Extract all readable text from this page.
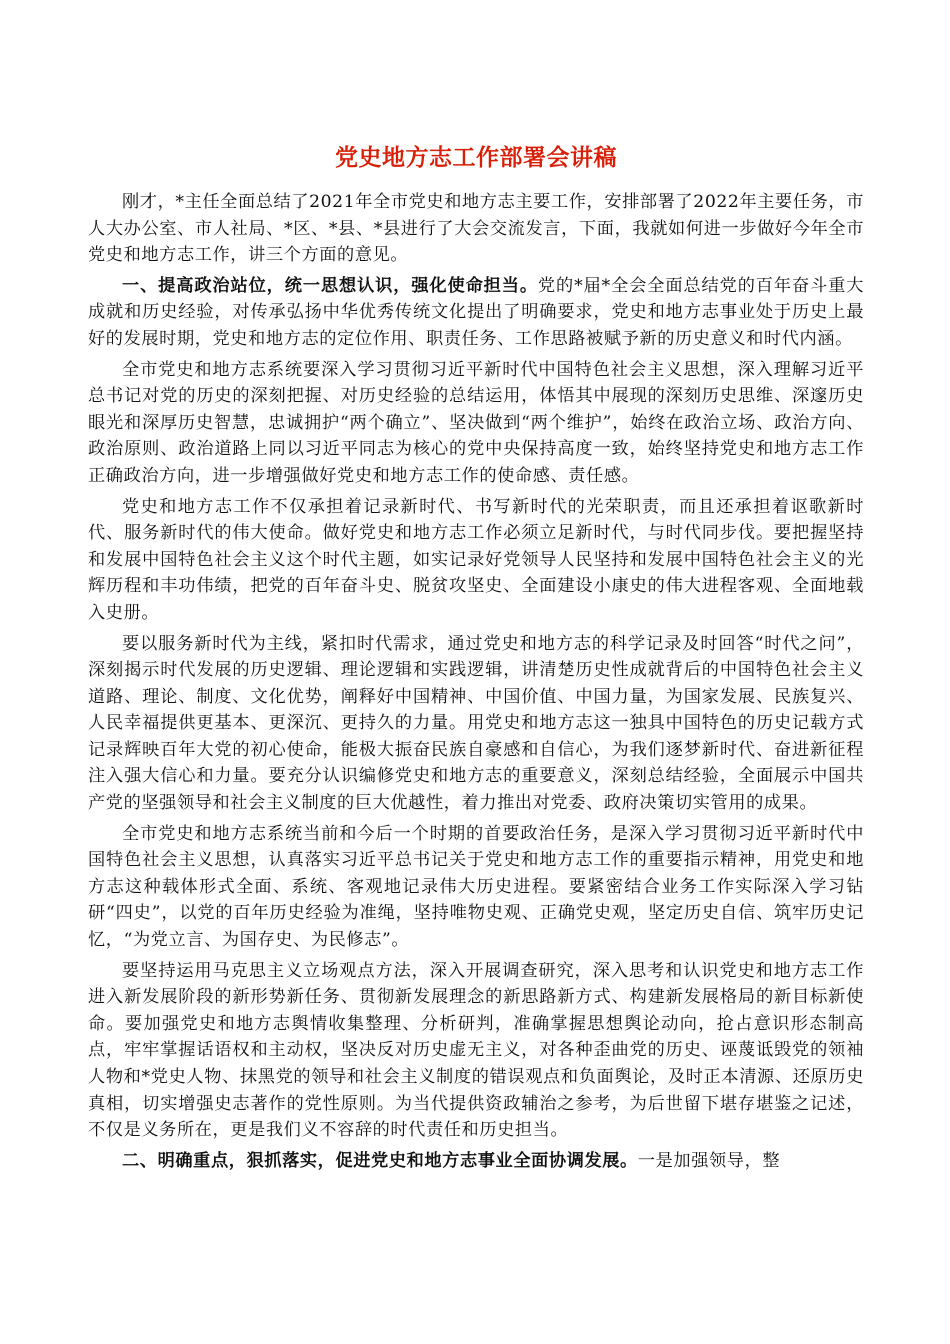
党史地方志工作部署会讲稿

刚才，*主任全面总结了2021年全市党史和地方志主要工作，安排部署了2022年主要任务，市人大办公室、市人社局、*区、*县、*县进行了大会交流发言，下面，我就如何进一步做好今年全市党史和地方志工作，讲三个方面的意见。

一、提高政治站位，统一思想认识，强化使命担当。党的*届*全会全面总结党的百年奋斗重大成就和历史经验，对传承弘扬中华优秀传统文化提出了明确要求，党史和地方志事业处于历史上最好的发展时期，党史和地方志的定位作用、职责任务、工作思路被赋予新的历史意义和时代内涵。

全市党史和地方志系统要深入学习贯彻习近平新时代中国特色社会主义思想，深入理解习近平总书记对党的历史的深刻把握、对历史经验的总结运用，体悟其中展现的深刻历史思维、深邃历史眼光和深厚历史智慧，忠诚拥护“两个确立”、坚决做到“两个维护”，始终在政治立场、政治方向、政治原则、政治道路上同以习近平同志为核心的党中央保持高度一致，始终坚持党史和地方志工作正确政治方向，进一步增强做好党史和地方志工作的使命感、责任感。

党史和地方志工作不仅承担着记录新时代、书写新时代的光荣职责，而且还承担着讴歌新时代、服务新时代的伟大使命。做好党史和地方志工作必须立足新时代，与时代同步伐。要把握坚持和发展中国特色社会主义这个时代主题，如实记录好党领导人民坚持和发展中国特色社会主义的光辉历程和丰功伟绩，把党的百年奋斗史、脱贫攻坚史、全面建设小康史的伟大进程客观、全面地载入史册。

要以服务新时代为主线，紧扣时代需求，通过党史和地方志的科学记录及时回答“时代之问”，深刻揭示时代发展的历史逻辑、理论逻辑和实践逻辑，讲清楚历史性成就背后的中国特色社会主义道路、理论、制度、文化优势，阐释好中国精神、中国价值、中国力量，为国家发展、民族复兴、人民幸福提供更基本、更深沉、更持久的力量。用党史和地方志这一独具中国特色的历史记载方式记录辉映百年大党的初心使命，能极大振奋民族自豪感和自信心，为我们逐梦新时代、奋进新征程注入强大信心和力量。要充分认识编修党史和地方志的重要意义，深刻总结经验，全面展示中国共产党的坚强领导和社会主义制度的巨大优越性，着力推出对党委、政府决策切实管用的成果。

全市党史和地方志系统当前和今后一个时期的首要政治任务，是深入学习贯彻习近平新时代中国特色社会主义思想，认真落实习近平总书记关于党史和地方志工作的重要指示精神，用党史和地方志这种载体形式全面、系统、客观地记录伟大历史进程。要紧密结合业务工作实际深入学习钻研“四史”，以党的百年历史经验为准绳，坚持唯物史观、正确党史观，坚定历史自信、筑牢历史记忆，“为党立言、为国存史、为民修志”。

要坚持运用马克思主义立场观点方法，深入开展调查研究，深入思考和认识党史和地方志工作进入新发展阶段的新形势新任务、贯彻新发展理念的新思路新方式、构建新发展格局的新目标新使命。要加强党史和地方志舆情收集整理、分析研判，准确掌握思想舆论动向，抢占意识形态制高点，牢牢掌握话语权和主动权，坚决反对历史虚无主义，对各种歪曲党的历史、诬蔑诋毁党的领袖人物和*党史人物、抹黑党的领导和社会主义制度的错误观点和负面舆论，及时正本清源、还原历史真相，切实增强史志著作的党性原则。为当代提供资政辅治之参考，为后世留下堪存堪鉴之记述，不仅是义务所在，更是我们义不容辞的时代责任和历史担当。

二、明确重点，狠抓落实，促进党史和地方志事业全面协调发展。一是加强领导，整
